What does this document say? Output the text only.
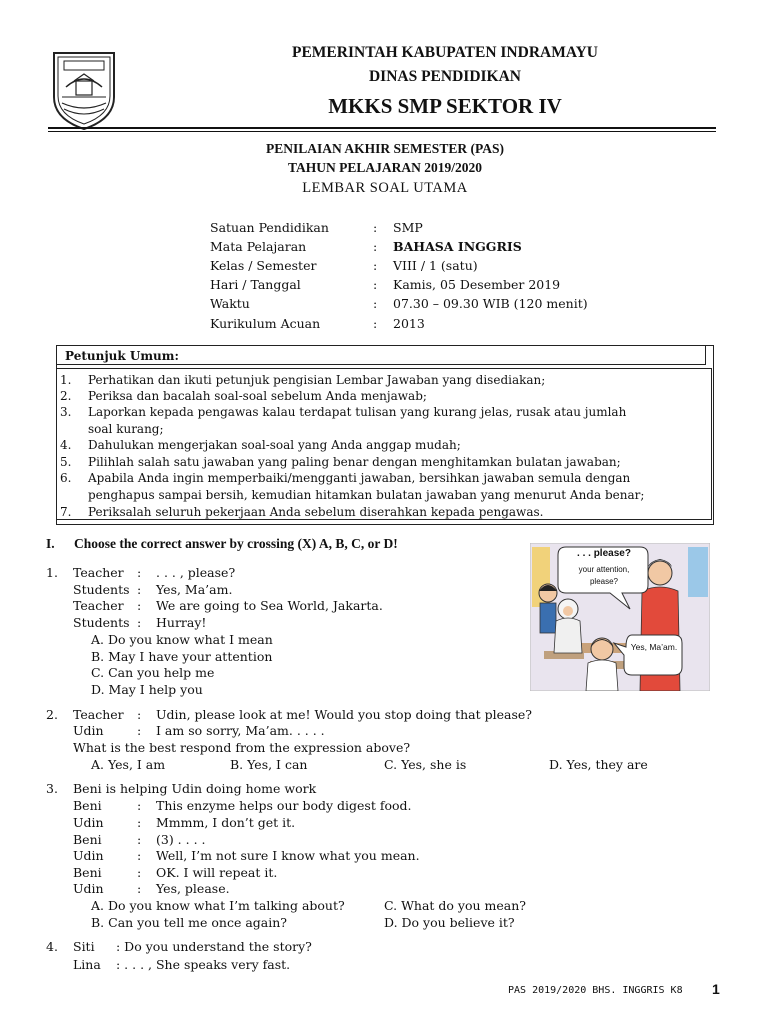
PEMERINTAH KABUPATEN INDRAMAYU
DINAS PENDIDIKAN
MKKS SMP SEKTOR IV
PENILAIAN AKHIR SEMESTER (PAS)
TAHUN PELAJARAN 2019/2020
LEMBAR SOAL UTAMA
Satuan Pendidikan	: SMP
Mata Pelajaran	: BAHASA INGGRIS
Kelas / Semester	: VIII / 1 (satu)
Hari / Tanggal	: Kamis, 05 Desember 2019
Waktu	: 07.30 – 09.30 WIB (120 menit)
Kurikulum Acuan	: 2013
Petunjuk Umum:
1.	Perhatikan dan ikuti petunjuk pengisian Lembar Jawaban yang disediakan;
2.	Periksa dan bacalah soal-soal sebelum Anda menjawab;
3.	Laporkan kepada pengawas kalau terdapat tulisan yang kurang jelas, rusak atau jumlah soal kurang;
4.	Dahulukan mengerjakan soal-soal yang Anda anggap mudah;
5.	Pilihlah salah satu jawaban yang paling benar dengan menghitamkan bulatan jawaban;
6.	Apabila Anda ingin memperbaiki/mengganti jawaban, bersihkan jawaban semula dengan penghapus sampai bersih, kemudian hitamkan bulatan jawaban yang menurut Anda benar;
7.	Periksalah seluruh pekerjaan Anda sebelum diserahkan kepada pengawas.
I. Choose the correct answer by crossing (X) A, B, C, or D!
. . . please?
your attention, please?
Yes, Ma’am.
1. Teacher : . . . , please?
Students : Yes, Ma’am.
Teacher : We are going to Sea World, Jakarta.
Students : Hurray!
A. Do you know what I mean
B. May I have your attention
C. Can you help me
D. May I help you
2. Teacher : Udin, please look at me! Would you stop doing that please?
Udin	: I am so sorry, Ma’am. . . . .
What is the best respond from the expression above?
A. Yes, I am	B. Yes, I can	C. Yes, she is	D. Yes, they are
3. Beni is helping Udin doing home work
Beni	: This enzyme helps our body digest food.
Udin	: Mmmm, I don’t get it.
Beni	: (3) . . . .
Udin	: Well, I’m not sure I know what you mean.
Beni	: OK. I will repeat it.
Udin	: Yes, please.
A. Do you know what I’m talking about?	C. What do you mean?
B. Can you tell me once again?	D. Do you believe it?
4. Siti : Do you understand the story?
Lina : . . . , She speaks very fast.
PAS 2019/2020 BHS. INGGRIS K8 1
